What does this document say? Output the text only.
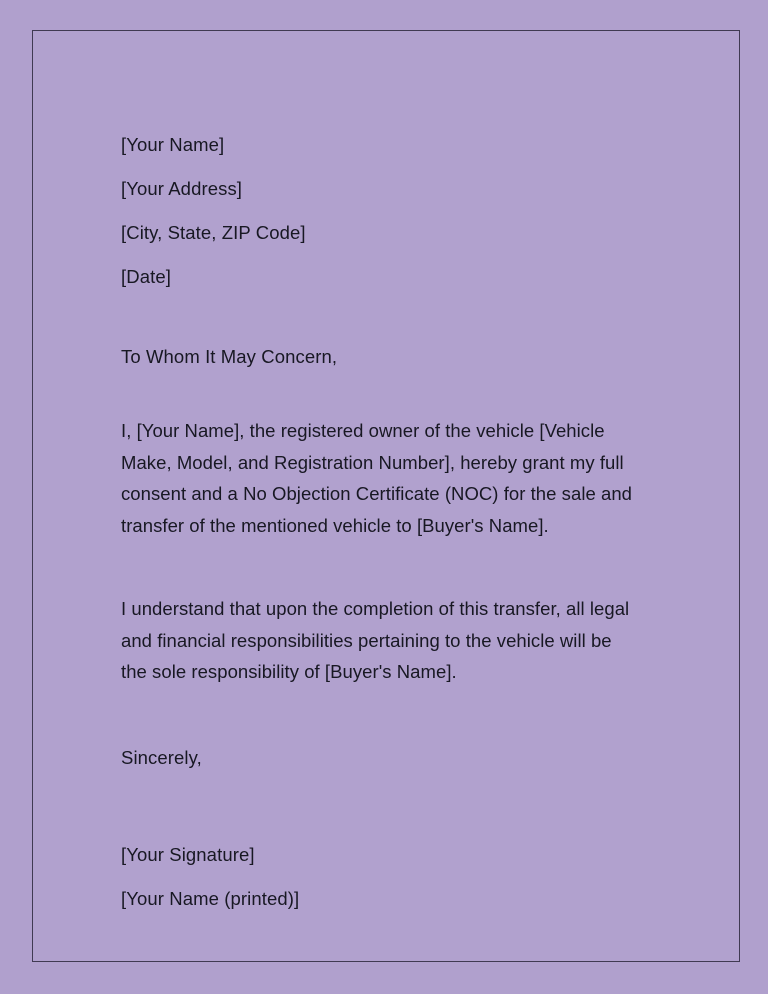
[Your Name]
[Your Address]
[City, State, ZIP Code]
[Date]
To Whom It May Concern,
I, [Your Name], the registered owner of the vehicle [Vehicle
Make, Model, and Registration Number], hereby grant my full
consent and a No Objection Certificate (NOC) for the sale and
transfer of the mentioned vehicle to [Buyer's Name].
I understand that upon the completion of this transfer, all legal
and financial responsibilities pertaining to the vehicle will be
the sole responsibility of [Buyer's Name].
Sincerely,
[Your Signature]
[Your Name (printed)]
